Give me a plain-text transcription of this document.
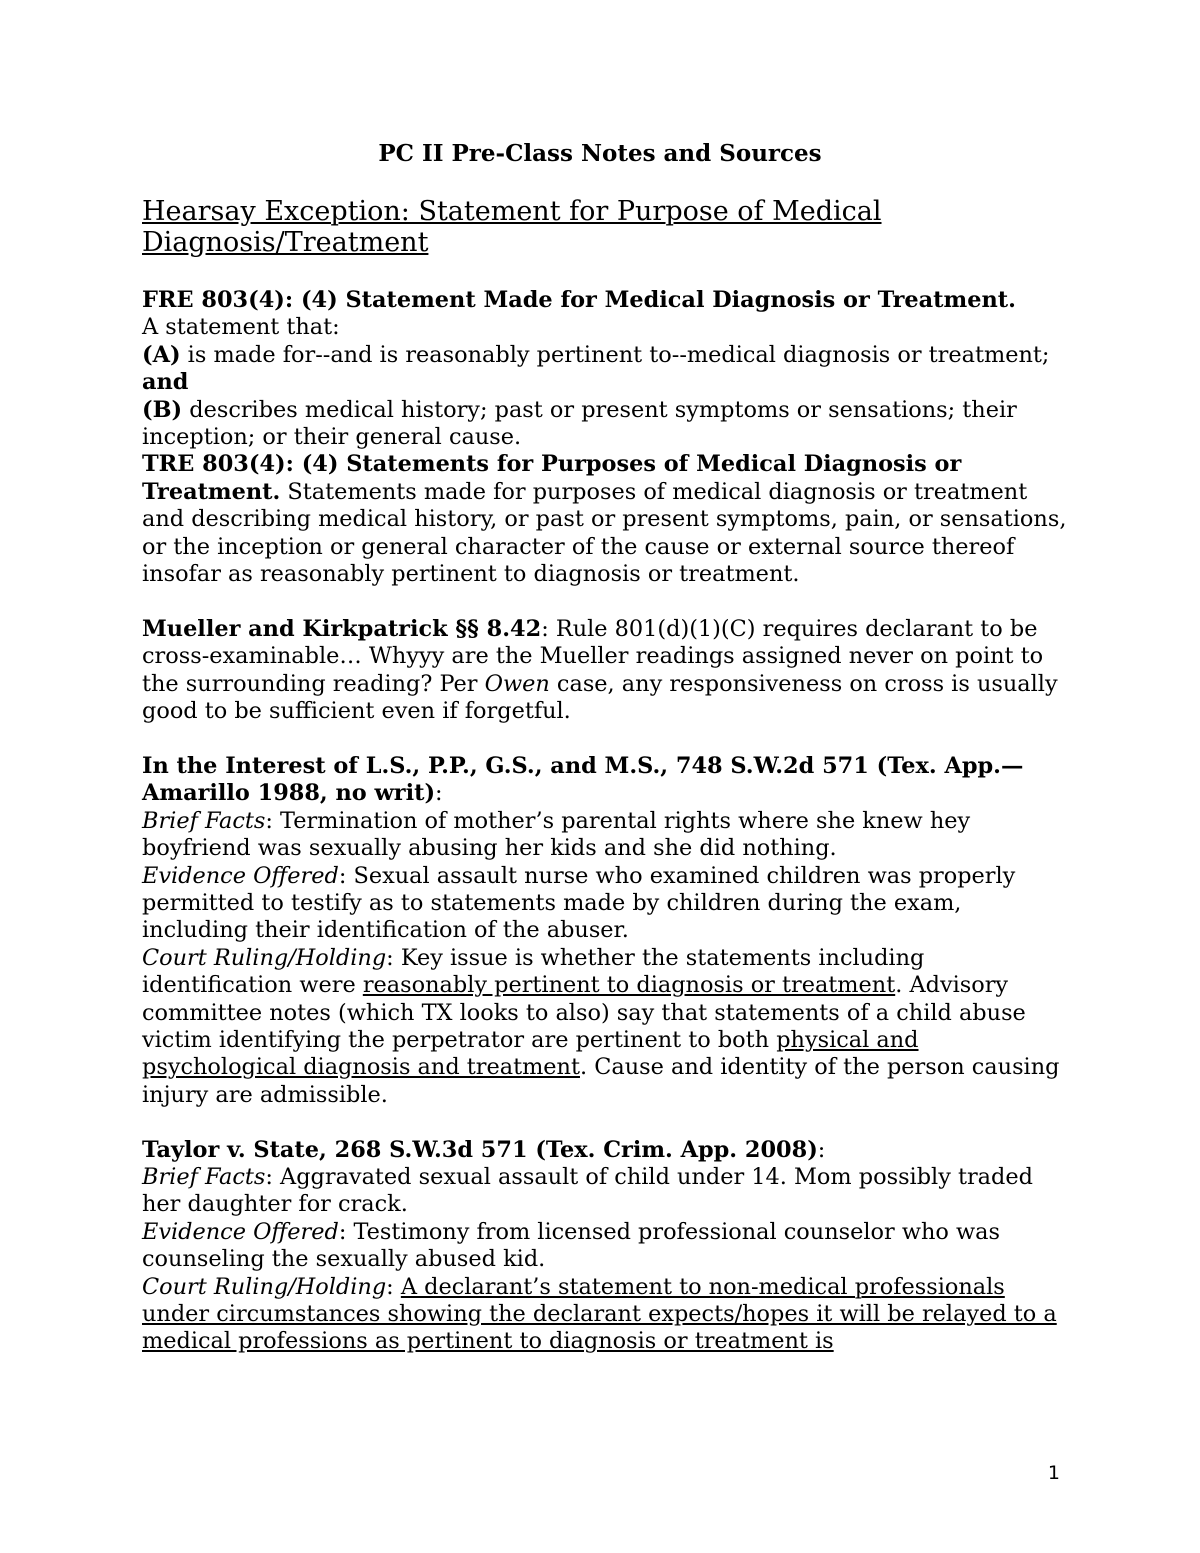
PC II Pre-Class Notes and Sources
Hearsay Exception: Statement for Purpose of Medical Diagnosis/Treatment

FRE 803(4): (4) Statement Made for Medical Diagnosis or Treatment.

A statement that:

(A) is made for--and is reasonably pertinent to--medical diagnosis or treatment; and

(B) describes medical history; past or present symptoms or sensations; their inception; or their general cause.

TRE 803(4): (4) Statements for Purposes of Medical Diagnosis or Treatment. Statements made for purposes of medical diagnosis or treatment and describing medical history, or past or present symptoms, pain, or sensations, or the inception or general character of the cause or external source thereof insofar as reasonably pertinent to diagnosis or treatment.

Mueller and Kirkpatrick §§ 8.42: Rule 801(d)(1)(C) requires declarant to be cross-examinable… Whyyy are the Mueller readings assigned never on point to the surrounding reading? Per Owen case, any responsiveness on cross is usually good to be sufficient even if forgetful.

In the Interest of L.S., P.P., G.S., and M.S., 748 S.W.2d 571 (Tex. App.—Amarillo 1988, no writ):

Brief Facts: Termination of mother’s parental rights where she knew hey boyfriend was sexually abusing her kids and she did nothing.

Evidence Offered: Sexual assault nurse who examined children was properly permitted to testify as to statements made by children during the exam, including their identification of the abuser.

Court Ruling/Holding: Key issue is whether the statements including identification were reasonably pertinent to diagnosis or treatment. Advisory committee notes (which TX looks to also) say that statements of a child abuse victim identifying the perpetrator are pertinent to both physical and psychological diagnosis and treatment. Cause and identity of the person causing injury are admissible.

Taylor v. State, 268 S.W.3d 571 (Tex. Crim. App. 2008):

Brief Facts: Aggravated sexual assault of child under 14. Mom possibly traded her daughter for crack.

Evidence Offered: Testimony from licensed professional counselor who was counseling the sexually abused kid.

Court Ruling/Holding: A declarant’s statement to non-medical professionals under circumstances showing the declarant expects/hopes it will be relayed to a medical professions as pertinent to diagnosis or treatment is

1
